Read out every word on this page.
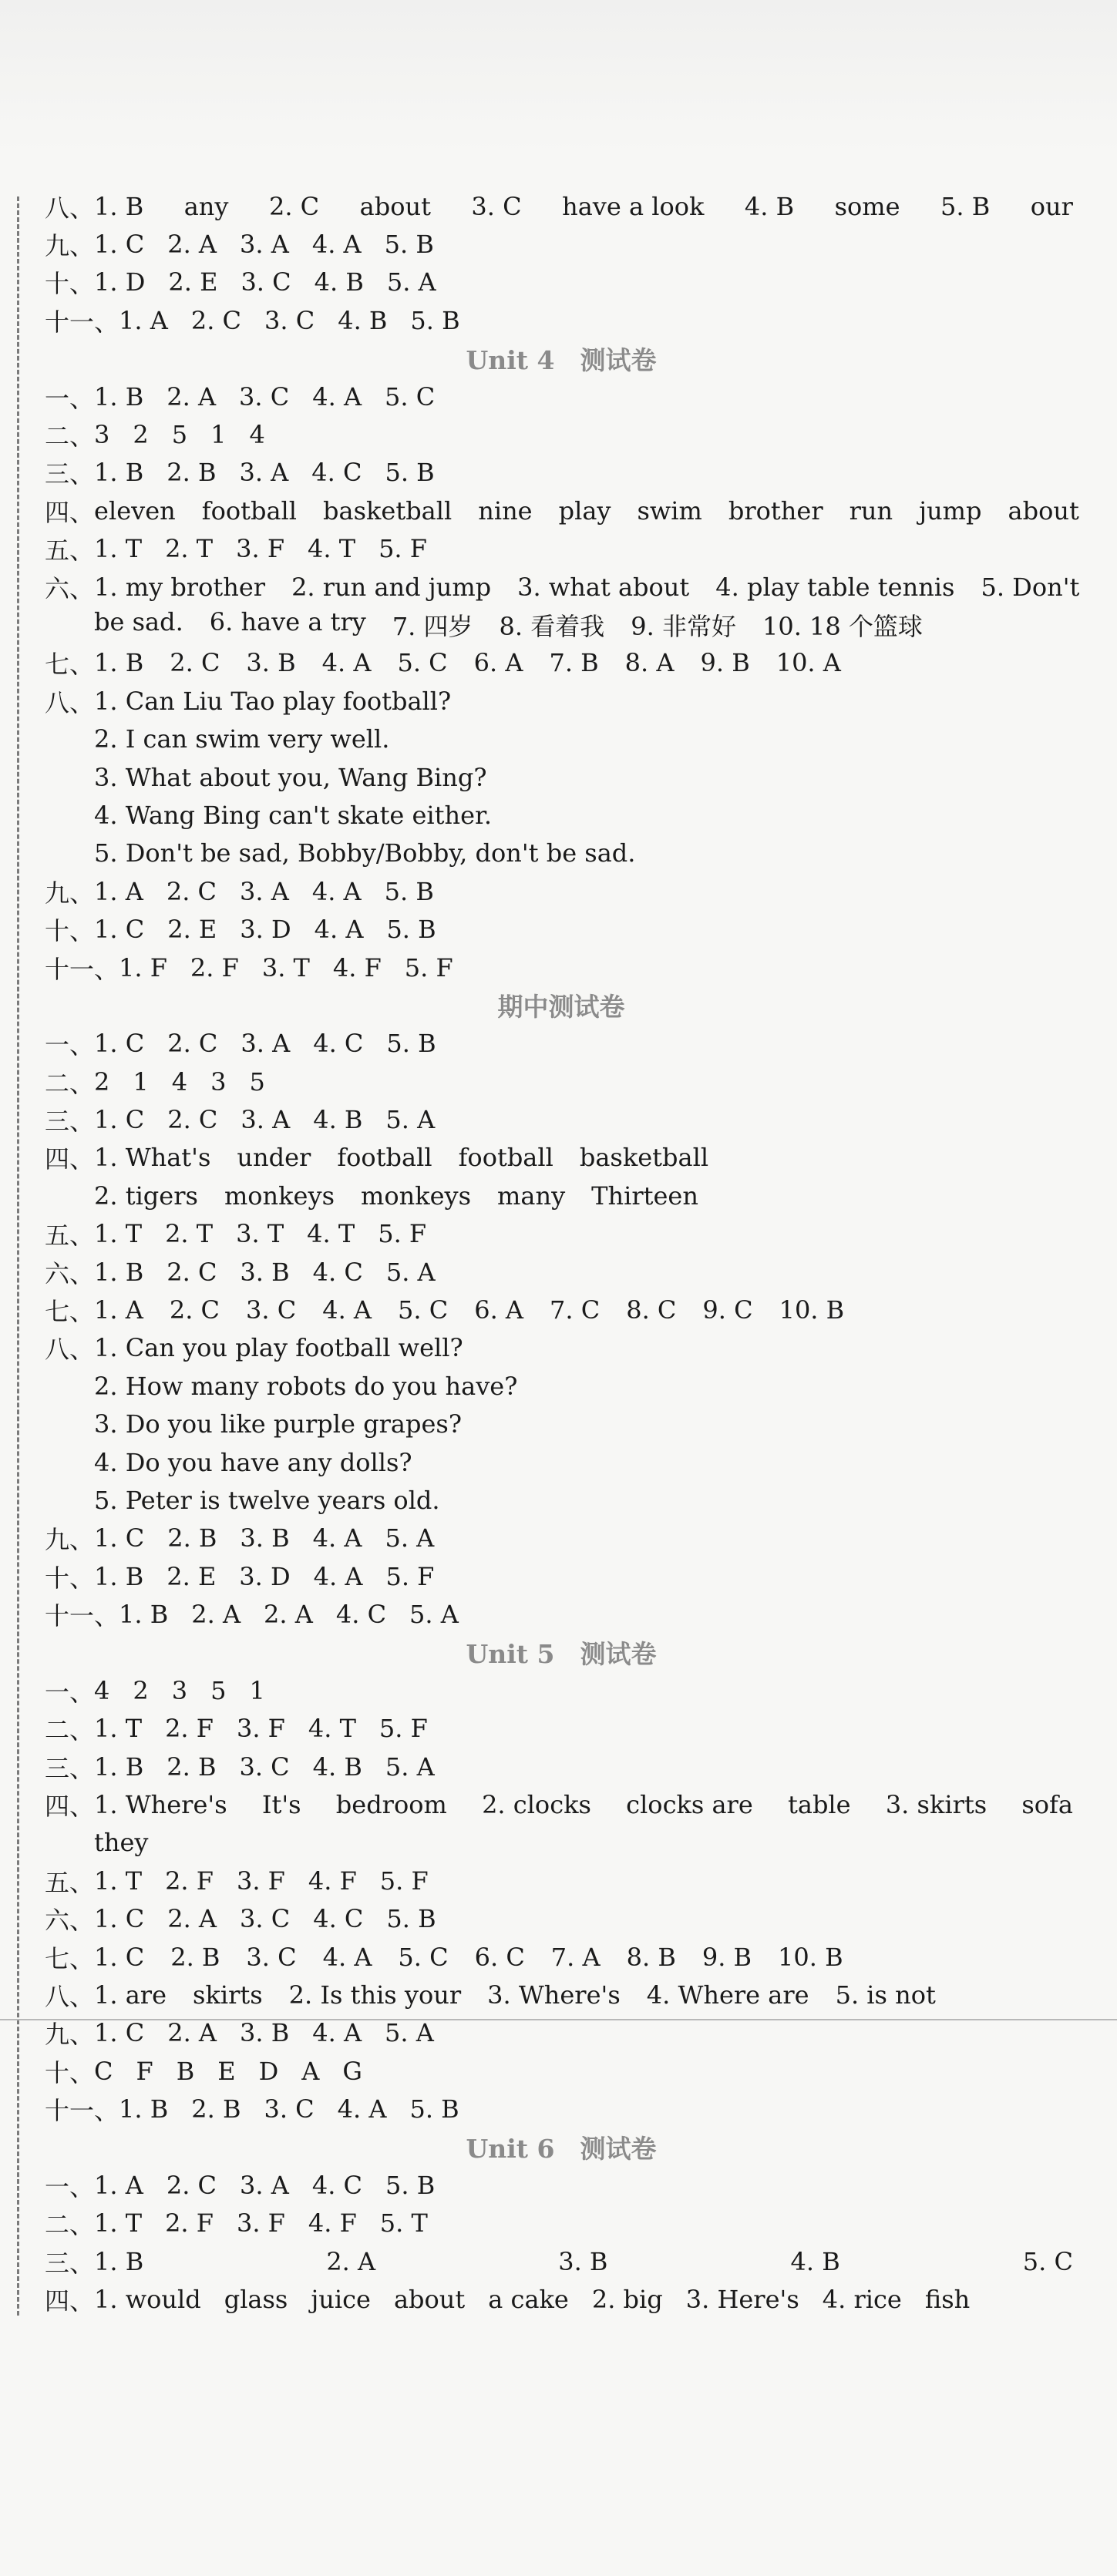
八、 1. B any 2. C about 3. C have a look 4. B some 5. B our
九、 1. C 2. A 3. A 4. A 5. B
十、 1. D 2. E 3. C 4. B 5. A
十一、 1. A 2. C 3. C 4. B 5. B
Unit 4　测试卷
一、 1. B 2. A 3. C 4. A 5. C
二、 3 2 5 1 4
三、 1. B 2. B 3. A 4. C 5. B
四、 eleven football basketball nine play swim brother run jump about
五、 1. T 2. T 3. F 4. T 5. F
六、 1. my brother 2. run and jump 3. what about 4. play table tennis 5. Don't
be sad. 6. have a try 7. 四岁 8. 看着我 9. 非常好 10. 18 个篮球
七、 1. B 2. C 3. B 4. A 5. C 6. A 7. B 8. A 9. B 10. A
八、 1. Can Liu Tao play football?
2. I can swim very well.
3. What about you, Wang Bing?
4. Wang Bing can't skate either.
5. Don't be sad, Bobby/Bobby, don't be sad.
九、 1. A 2. C 3. A 4. A 5. B
十、 1. C 2. E 3. D 4. A 5. B
十一、 1. F 2. F 3. T 4. F 5. F
期中测试卷
一、 1. C 2. C 3. A 4. C 5. B
二、 2 1 4 3 5
三、 1. C 2. C 3. A 4. B 5. A
四、 1. What's under football football basketball
2. tigers monkeys monkeys many Thirteen
五、 1. T 2. T 3. T 4. T 5. F
六、 1. B 2. C 3. B 4. C 5. A
七、 1. A 2. C 3. C 4. A 5. C 6. A 7. C 8. C 9. C 10. B
八、 1. Can you play football well?
2. How many robots do you have?
3. Do you like purple grapes?
4. Do you have any dolls?
5. Peter is twelve years old.
九、 1. C 2. B 3. B 4. A 5. A
十、 1. B 2. E 3. D 4. A 5. F
十一、 1. B 2. A 2. A 4. C 5. A
Unit 5　测试卷
一、 4 2 3 5 1
二、 1. T 2. F 3. F 4. T 5. F
三、 1. B 2. B 3. C 4. B 5. A
四、 1. Where's It's bedroom 2. clocks clocks are table 3. skirts sofa
they
五、 1. T 2. F 3. F 4. F 5. F
六、 1. C 2. A 3. C 4. C 5. B
七、 1. C 2. B 3. C 4. A 5. C 6. C 7. A 8. B 9. B 10. B
八、 1. are skirts 2. Is this your 3. Where's 4. Where are 5. is not
九、 1. C 2. A 3. B 4. A 5. A
十、 C F B E D A G
十一、 1. B 2. B 3. C 4. A 5. B
Unit 6　测试卷
一、 1. A 2. C 3. A 4. C 5. B
二、 1. T 2. F 3. F 4. F 5. T
三、 1. B	2. A	3. B	4. B	5. C
四、 1. would glass juice about a cake 2. big 3. Here's 4. rice fish
